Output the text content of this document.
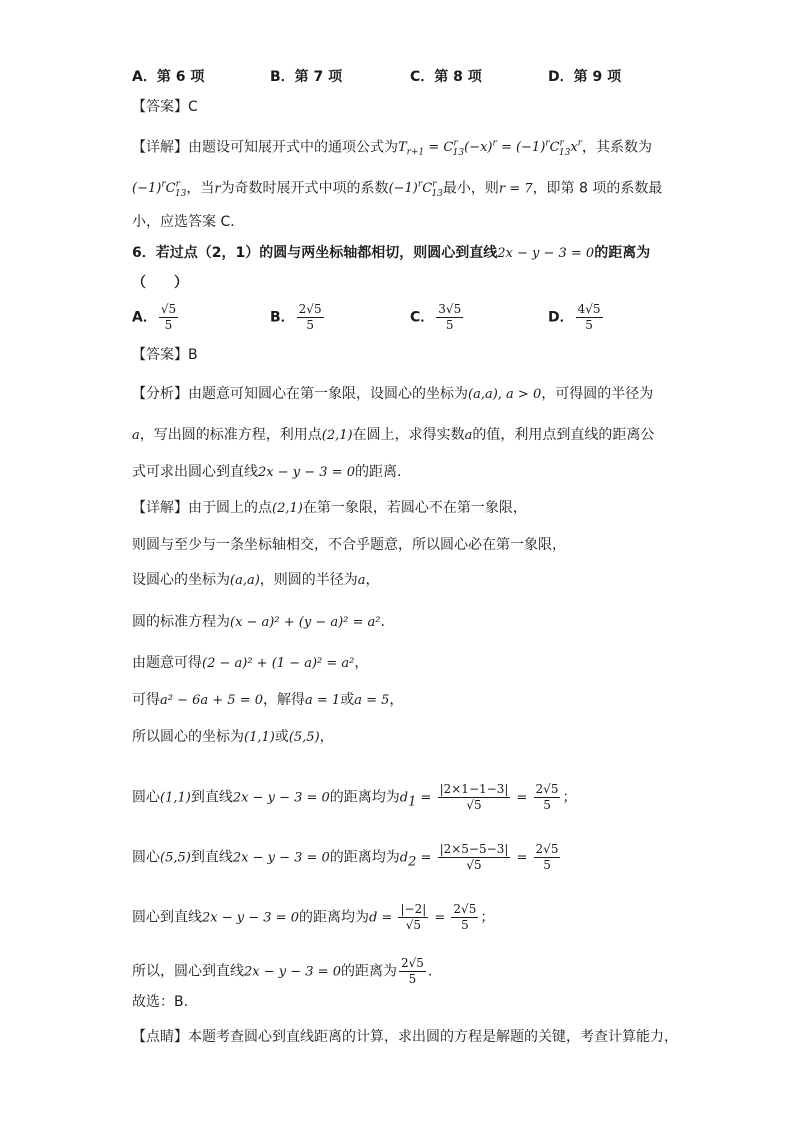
A．第 6 项	B．第 7 项	C．第 8 项	D．第 9 项
【答案】C
【详解】由题设可知展开式中的通项公式为$T_{r+1} = C^r_{13}(-x)^r = (-1)^rC^r_{13}x^r$，其系数为
$(-1)^rC^r_{13}$，当r为奇数时展开式中项的系数$(-1)^rC^r_{13}$最小，则r = 7，即第 8 项的系数最
小，应选答案 C．
6．若过点（2，1）的圆与两坐标轴都相切，则圆心到直线2x − y − 3 = 0的距离为
（　　）
A． $\frac{√5}{5}$	B． $\frac{2√5}{5}$	C． $\frac{3√5}{5}$	D． $\frac{4√5}{5}$
【答案】B
【分析】由题意可知圆心在第一象限，设圆心的坐标为(a,a), a > 0，可得圆的半径为
a，写出圆的标准方程，利用点(2,1)在圆上，求得实数a的值，利用点到直线的距离公
式可求出圆心到直线2x − y − 3 = 0的距离.
【详解】由于圆上的点(2,1)在第一象限，若圆心不在第一象限，
则圆与至少与一条坐标轴相交，不合乎题意，所以圆心必在第一象限，
设圆心的坐标为(a,a)，则圆的半径为a，
圆的标准方程为(x − a)² + (y − a)² = a².
由题意可得(2 − a)² + (1 − a)² = a²，
可得a² − 6a + 5 = 0，解得a = 1或a = 5，
所以圆心的坐标为(1,1)或(5,5)，
圆心(1,1)到直线2x − y − 3 = 0的距离均为$d_1 = \frac{|2\times 1-1-3|}{√5} = \frac{2√5}{5}$ ；
圆心(5,5)到直线2x − y − 3 = 0的距离均为$d_2 = \frac{|2\times 5-5-3|}{√5} = \frac{2√5}{5}$
圆心到直线2x − y − 3 = 0的距离均为$d = \frac{|-2|}{√5} = \frac{2√5}{5}$ ；
所以，圆心到直线2x − y − 3 = 0的距离为 $\frac{2√5}{5}$ .
故选：B.
【点睛】本题考查圆心到直线距离的计算，求出圆的方程是解题的关键，考查计算能力，
